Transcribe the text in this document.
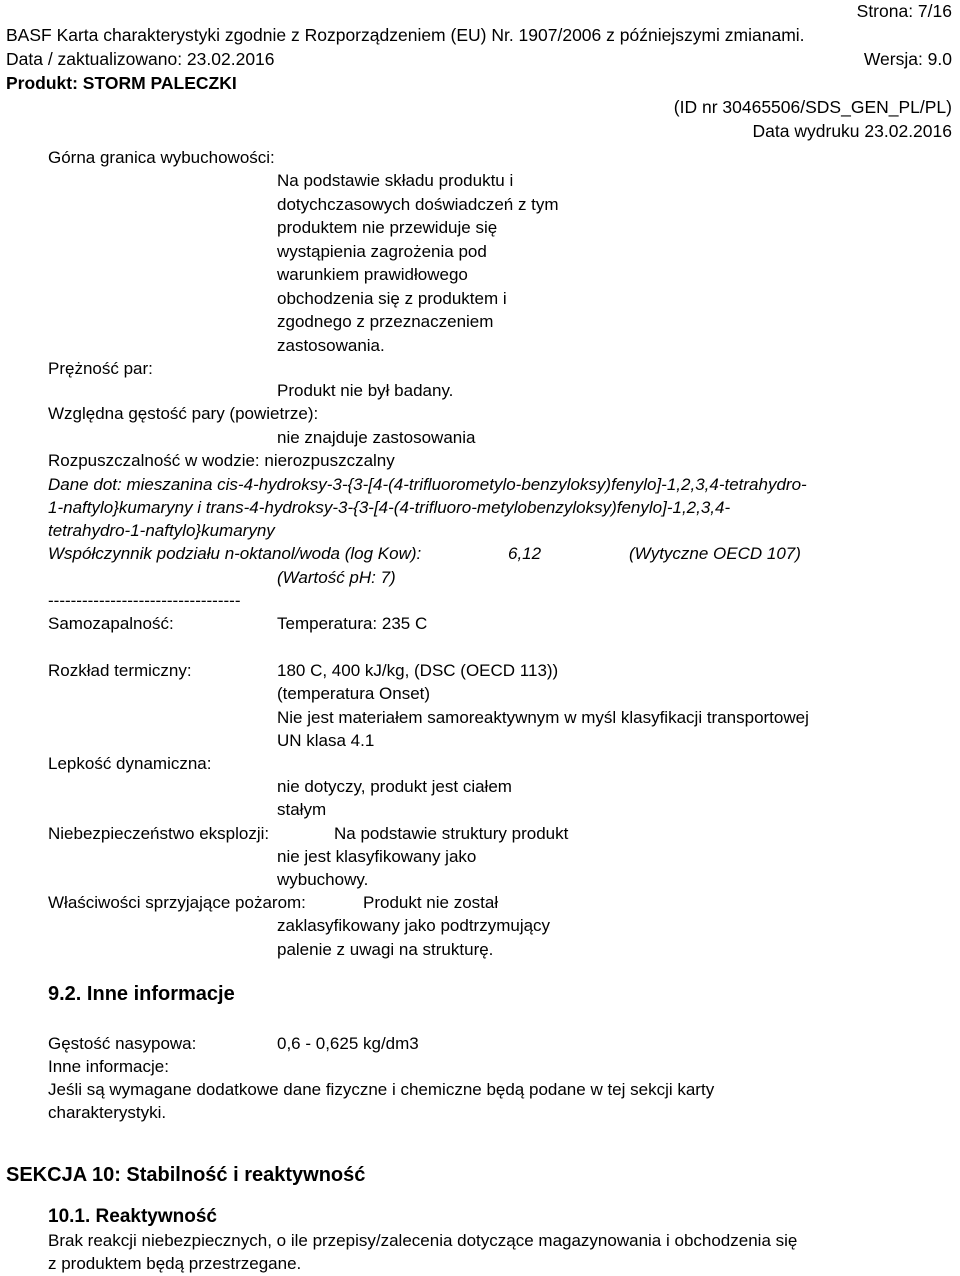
Strona: 7/16
BASF Karta charakterystyki zgodnie z Rozporządzeniem (EU) Nr. 1907/2006 z późniejszymi zmianami.
Data / zaktualizowano: 23.02.2016	Wersja: 9.0
Produkt: STORM PALECZKI
(ID nr 30465506/SDS_GEN_PL/PL)
Data wydruku 23.02.2016
Górna granica wybuchowości:
Na podstawie składu produktu i
dotychczasowych doświadczeń z tym
produktem nie przewiduje się
wystąpienia zagrożenia pod
warunkiem prawidłowego
obchodzenia się z produktem i
zgodnego z przeznaczeniem
zastosowania.
Prężność par:
Produkt nie był badany.
Względna gęstość pary (powietrze):
nie znajduje zastosowania
Rozpuszczalność w wodzie: nierozpuszczalny
Dane dot: mieszanina cis-4-hydroksy-3-{3-[4-(4-trifluorometylo-benzyloksy)fenylo]-1,2,3,4-tetrahydro-
1-naftylo}kumaryny i trans-4-hydroksy-3-{3-[4-(4-trifluoro-metylobenzyloksy)fenylo]-1,2,3,4-
tetrahydro-1-naftylo}kumaryny
Współczynnik podziału n-oktanol/woda (log Kow):	6,12	(Wytyczne OECD 107)
(Wartość pH: 7)
----------------------------------
Samozapalność:	Temperatura: 235 C
Rozkład termiczny:	180 C, 400 kJ/kg, (DSC (OECD 113))
(temperatura Onset)
Nie jest materiałem samoreaktywnym w myśl klasyfikacji transportowej
UN klasa 4.1
Lepkość dynamiczna:
nie dotyczy, produkt jest ciałem
stałym
Niebezpieczeństwo eksplozji:	Na podstawie struktury produkt
nie jest klasyfikowany jako
wybuchowy.
Właściwości sprzyjające pożarom:	Produkt nie został
zaklasyfikowany jako podtrzymujący
palenie z uwagi na strukturę.
9.2. Inne informacje
Gęstość nasypowa:	0,6 - 0,625 kg/dm3
Inne informacje:
Jeśli są wymagane dodatkowe dane fizyczne i chemiczne będą podane w tej sekcji karty
charakterystyki.
SEKCJA 10: Stabilność i reaktywność
10.1. Reaktywność
Brak reakcji niebezpiecznych, o ile przepisy/zalecenia dotyczące magazynowania i obchodzenia się
z produktem będą przestrzegane.
